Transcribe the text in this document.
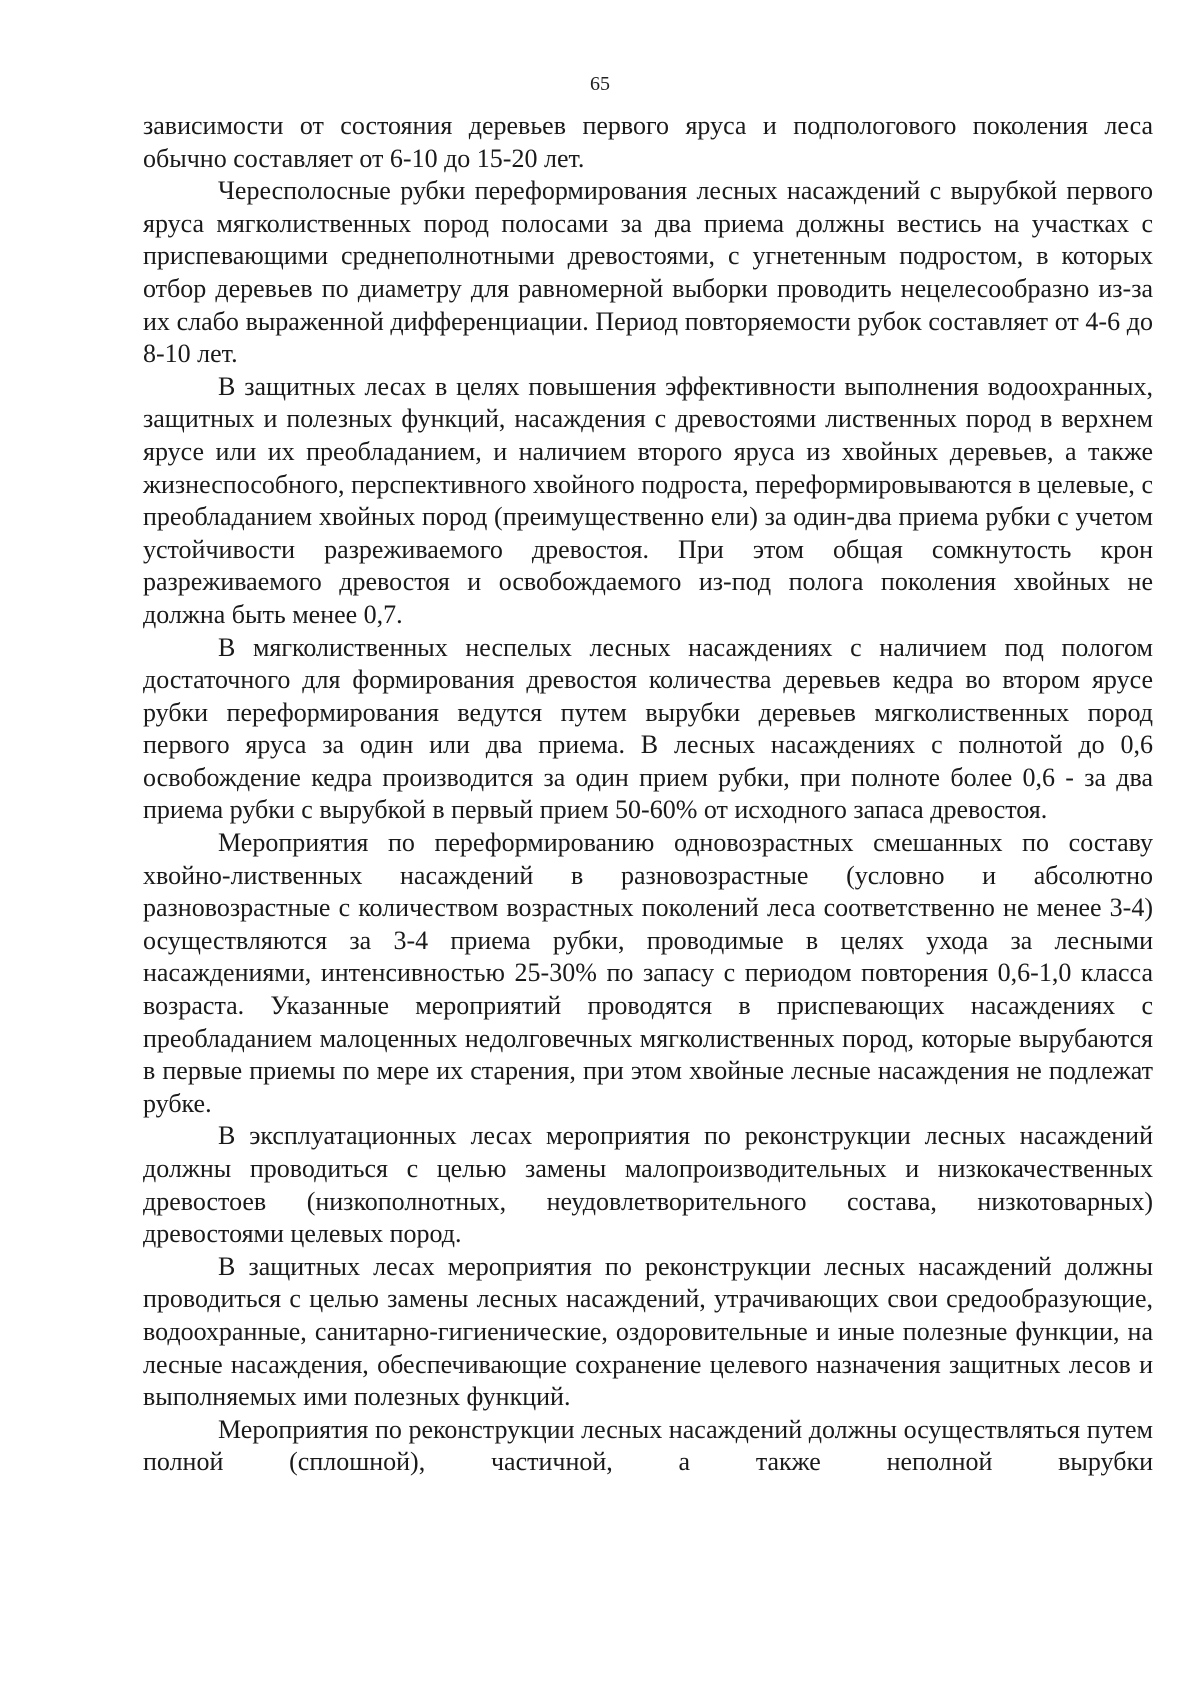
65

зависимости от состояния деревьев первого яруса и подпологового поколения леса обычно составляет от 6-10 до 15-20 лет.

Чересполосные рубки переформирования лесных насаждений с вырубкой первого яруса мягколиственных пород полосами за два приема должны вестись на участках с приспевающими среднеполнотными древостоями, с угнетенным подростом, в которых отбор деревьев по диаметру для равномерной выборки проводить нецелесообразно из-за их слабо выраженной дифференциации. Период повторяемости рубок составляет от 4-6 до 8-10 лет.

В защитных лесах в целях повышения эффективности выполнения водоохранных, защитных и полезных функций, насаждения с древостоями лиственных пород в верхнем ярусе или их преобладанием, и наличием второго яруса из хвойных деревьев, а также жизнеспособного, перспективного хвойного подроста, переформировываются в целевые, с преобладанием хвойных пород (преимущественно ели) за один-два приема рубки с учетом устойчивости разреживаемого древостоя. При этом общая сомкнутость крон разреживаемого древостоя и освобождаемого из-под полога поколения хвойных не должна быть менее 0,7.

В мягколиственных неспелых лесных насаждениях с наличием под пологом достаточного для формирования древостоя количества деревьев кедра во втором ярусе рубки переформирования ведутся путем вырубки деревьев мягколиственных пород первого яруса за один или два приема. В лесных насаждениях с полнотой до 0,6 освобождение кедра производится за один прием рубки, при полноте более 0,6 - за два приема рубки с вырубкой в первый прием 50-60% от исходного запаса древостоя.

Мероприятия по переформированию одновозрастных смешанных по составу хвойно-лиственных насаждений в разновозрастные (условно и абсолютно разновозрастные с количеством возрастных поколений леса соответственно не менее 3-4) осуществляются за 3-4 приема рубки, проводимые в целях ухода за лесными насаждениями, интенсивностью 25-30% по запасу с периодом повторения 0,6-1,0 класса возраста. Указанные мероприятий проводятся в приспевающих насаждениях с преобладанием малоценных недолговечных мягколиственных пород, которые вырубаются в первые приемы по мере их старения, при этом хвойные лесные насаждения не подлежат рубке.

В эксплуатационных лесах мероприятия по реконструкции лесных насаждений должны проводиться с целью замены малопроизводительных и низкокачественных древостоев (низкополнотных, неудовлетворительного состава, низкотоварных) древостоями целевых пород.

В защитных лесах мероприятия по реконструкции лесных насаждений должны проводиться с целью замены лесных насаждений, утрачивающих свои средообразующие, водоохранные, санитарно-гигиенические, оздоровительные и иные полезные функции, на лесные насаждения, обеспечивающие сохранение целевого назначения защитных лесов и выполняемых ими полезных функций.

Мероприятия по реконструкции лесных насаждений должны осуществляться путем полной (сплошной), частичной, а также неполной вырубки
